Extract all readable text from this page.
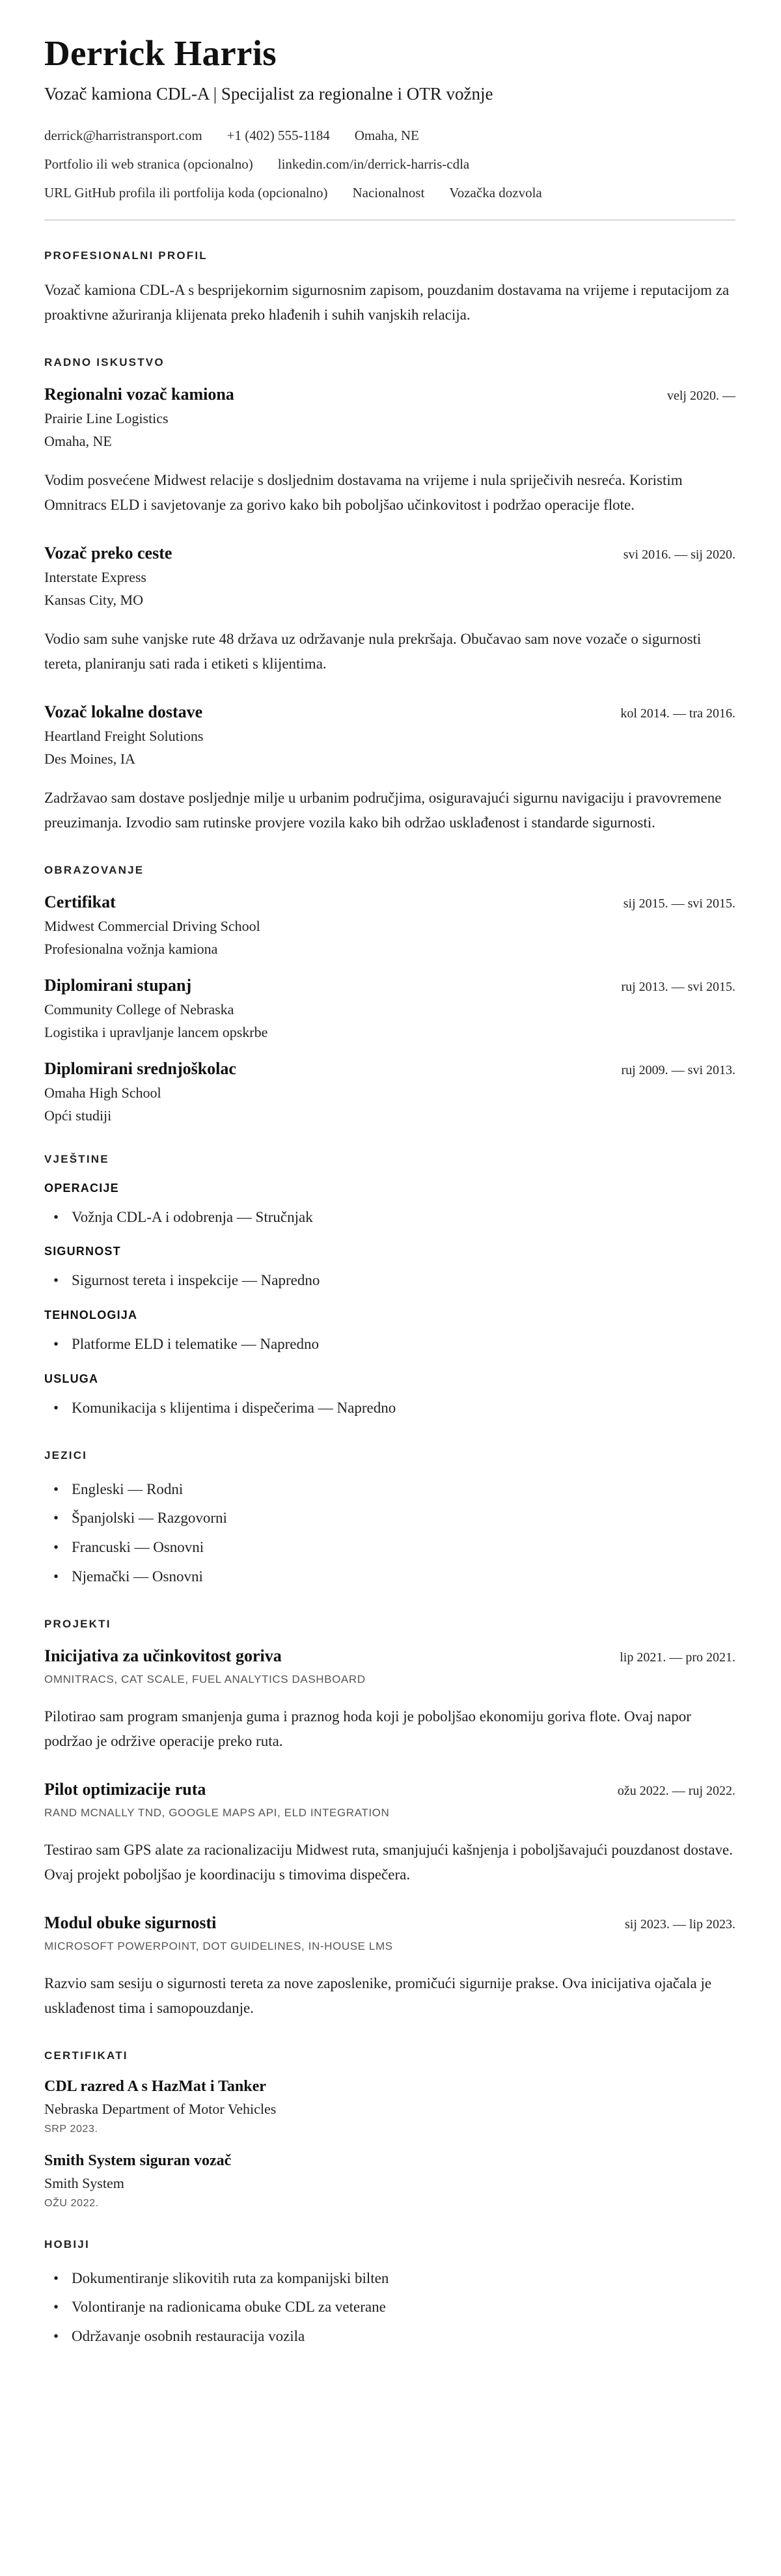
Derrick Harris

Vozač kamiona CDL-A | Specijalist za regionalne i OTR vožnje

derrick@harristransport.com +1 (402) 555-1184 Omaha, NE
Portfolio ili web stranica (opcionalno) linkedin.com/in/derrick-harris-cdla
URL GitHub profila ili portfolija koda (opcionalno) Nacionalnost Vozačka dozvola
PROFESIONALNI PROFIL

Vozač kamiona CDL-A s besprijekornim sigurnosnim zapisom, pouzdanim dostavama na vrijeme i reputacijom za proaktivne ažuriranja klijenata preko hlađenih i suhih vanjskih relacija.

RADNO ISKUSTVO
Regionalni vozač kamiona	velj 2020. —
Prairie Line Logistics
Omaha, NE

Vodim posvećene Midwest relacije s dosljednim dostavama na vrijeme i nula spriječivih nesreća. Koristim Omnitracs ELD i savjetovanje za gorivo kako bih poboljšao učinkovitost i podržao operacije flote.

Vozač preko ceste	svi 2016. — sij 2020.
Interstate Express
Kansas City, MO

Vodio sam suhe vanjske rute 48 država uz održavanje nula prekršaja. Obučavao sam nove vozače o sigurnosti tereta, planiranju sati rada i etiketi s klijentima.

Vozač lokalne dostave	kol 2014. — tra 2016.
Heartland Freight Solutions
Des Moines, IA

Zadržavao sam dostave posljednje milje u urbanim područjima, osiguravajući sigurnu navigaciju i pravovremene preuzimanja. Izvodio sam rutinske provjere vozila kako bih održao usklađenost i standarde sigurnosti.

OBRAZOVANJE
Certifikat	sij 2015. — svi 2015.
Midwest Commercial Driving School
Profesionalna vožnja kamiona
Diplomirani stupanj	ruj 2013. — svi 2015.
Community College of Nebraska
Logistika i upravljanje lancem opskrbe
Diplomirani srednjoškolac	ruj 2009. — svi 2013.
Omaha High School
Opći studiji
VJEŠTINE
OPERACIJE
• Vožnja CDL-A i odobrenja — Stručnjak
SIGURNOST
• Sigurnost tereta i inspekcije — Napredno
TEHNOLOGIJA
• Platforme ELD i telematike — Napredno
USLUGA
• Komunikacija s klijentima i dispečerima — Napredno
JEZICI
• Engleski — Rodni
• Španjolski — Razgovorni
• Francuski — Osnovni
• Njemački — Osnovni
PROJEKTI
Inicijativa za učinkovitost goriva	lip 2021. — pro 2021.
OMNITRACS, CAT SCALE, FUEL ANALYTICS DASHBOARD

Pilotirao sam program smanjenja guma i praznog hoda koji je poboljšao ekonomiju goriva flote. Ovaj napor podržao je održive operacije preko ruta.

Pilot optimizacije ruta	ožu 2022. — ruj 2022.
RAND MCNALLY TND, GOOGLE MAPS API, ELD INTEGRATION

Testirao sam GPS alate za racionalizaciju Midwest ruta, smanjujući kašnjenja i poboljšavajući pouzdanost dostave. Ovaj projekt poboljšao je koordinaciju s timovima dispečera.

Modul obuke sigurnosti	sij 2023. — lip 2023.
MICROSOFT POWERPOINT, DOT GUIDELINES, IN-HOUSE LMS

Razvio sam sesiju o sigurnosti tereta za nove zaposlenike, promičući sigurnije prakse. Ova inicijativa ojačala je usklađenost tima i samopouzdanje.

CERTIFIKATI
CDL razred A s HazMat i Tanker
Nebraska Department of Motor Vehicles
SRP 2023.
Smith System siguran vozač
Smith System
OŽU 2022.
HOBIJI
• Dokumentiranje slikovitih ruta za kompanijski bilten
• Volontiranje na radionicama obuke CDL za veterane
• Održavanje osobnih restauracija vozila
